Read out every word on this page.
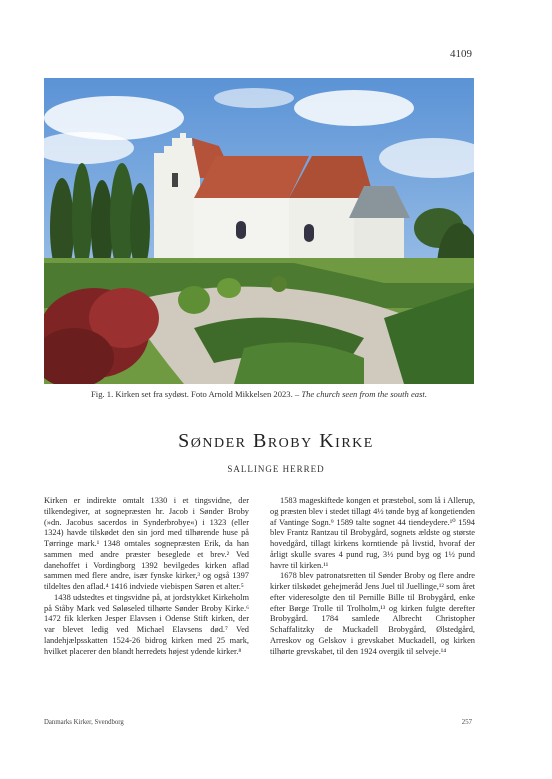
4109
Fig. 1. Kirken set fra sydøst. Foto Arnold Mikkelsen 2023. – The church seen from the south east.
Sønder Broby Kirke
SALLINGE HERRED

Kirken er indirekte omtalt 1330 i et tingsvidne, der tilkendegiver, at sognepræsten hr. Jacob i Sønder Broby (»dn. Jacobus sacerdos in Synderbrobye«) i 1323 (eller 1324) havde tilskødet den sin jord med tilhørende huse på Tørringe mark.¹ 1348 omtales sognepræsten Erik, da han sammen med andre præster beseglede et brev.² Ved danehoffet i Vordingborg 1392 bevilgedes kirken aflad sammen med flere andre, især fynske kirker,³ og også 1397 tildeltes den aflad.⁴ 1416 indviede viebispen Søren et alter.⁵

1438 udstedtes et tingsvidne på, at jordstykket Kirkeholm på Ståby Mark ved Søløseled tilhørte Sønder Broby Kirke.⁶ 1472 fik klerken Jesper Elavsen i Odense Stift kirken, der var blevet ledig ved Michael Elavsens død.⁷ Ved landehjælpsskatten 1524-26 bidrog kirken med 25 mark, hvilket placerer den blandt herredets højest ydende kirker.⁸

1583 mageskiftede kongen et præstebol, som lå i Allerup, og præsten blev i stedet tillagt 4½ tønde byg af kongetienden af Vantinge Sogn.⁹ 1589 talte sognet 44 tiendeydere.¹⁰ 1594 blev Frantz Rantzau til Brobygård, sognets ældste og største hovedgård, tillagt kirkens korntiende på livstid, hvoraf der årligt skulle svares 4 pund rug, 3½ pund byg og 1½ pund havre til kirken.¹¹

1678 blev patronatsretten til Sønder Broby og flere andre kirker tilskødet gehejmeråd Jens Juel til Juellinge,¹² som året efter videresolgte den til Pernille Bille til Brobygård, enke efter Børge Trolle til Trolholm,¹³ og kirken fulgte derefter Brobygård. 1784 samlede Albrecht Christopher Schaffalitzky de Muckadell Brobygård, Ølstedgård, Arreskov og Gelskov i grevskabet Muckadell, og kirken tilhørte grevskabet, til den 1924 overgik til selveje.¹⁴

Danmarks Kirker, Svendborg	257
